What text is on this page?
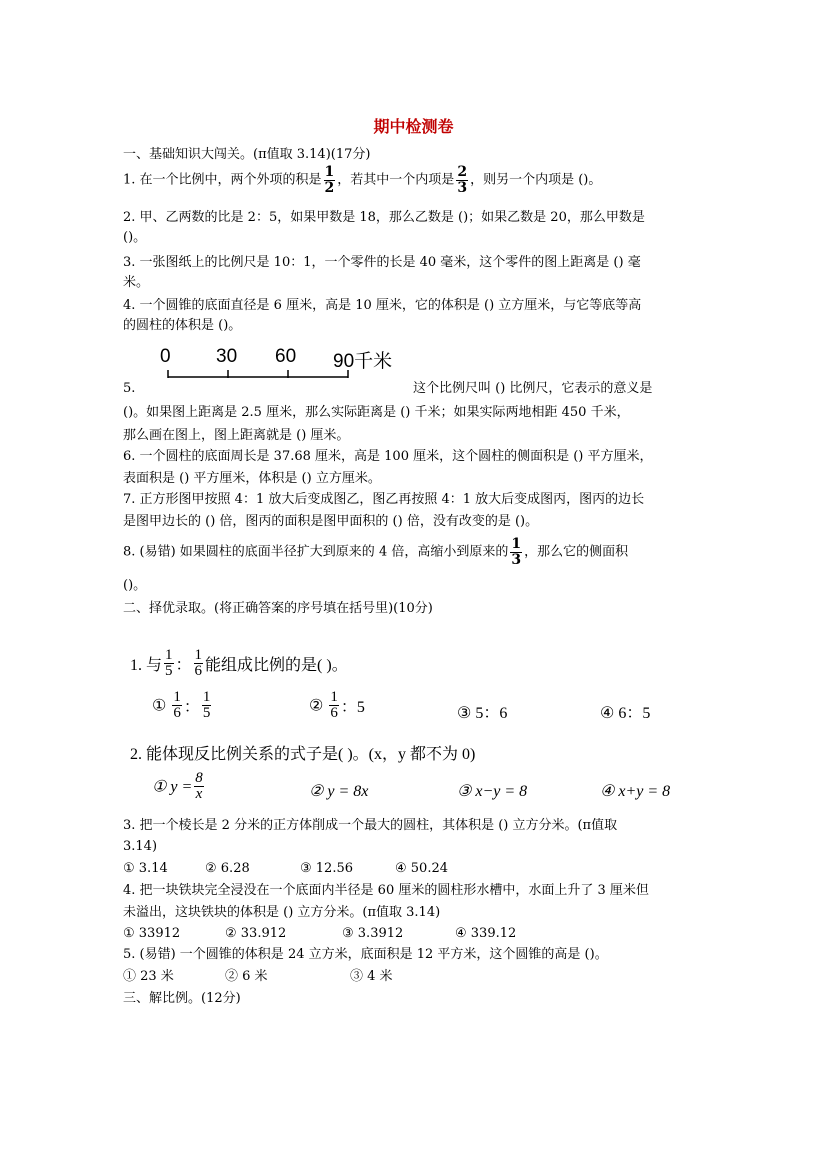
期中检测卷
一、基础知识大闯关。(π值取 3.14)(17分)
1. 在一个比例中，两个外项的积是 $\frac{1}{2}$ ，若其中一个内项是 $\frac{2}{3}$ ，则另一个内项是 ()。
2. 甲、乙两数的比是 2：5，如果甲数是 18，那么乙数是 ()；如果乙数是 20，那么甲数是
()。
3. 一张图纸上的比例尺是 10：1，一个零件的长是 40 毫米，这个零件的图上距离是 () 毫
米。
4. 一个圆锥的底面直径是 6 厘米，高是 10 厘米，它的体积是 () 立方厘米，与它等底等高
的圆柱的体积是 ()。
0 30 60 90千米
5.	这个比例尺叫 () 比例尺，它表示的意义是
()。如果图上距离是 2.5 厘米，那么实际距离是 () 千米；如果实际两地相距 450 千米，
那么画在图上，图上距离就是 () 厘米。
6. 一个圆柱的底面周长是 37.68 厘米，高是 100 厘米，这个圆柱的侧面积是 () 平方厘米，
表面积是 () 平方厘米，体积是 () 立方厘米。
7. 正方形图甲按照 4：1 放大后变成图乙，图乙再按照 4：1 放大后变成图丙，图丙的边长
是图甲边长的 () 倍，图丙的面积是图甲面积的 () 倍，没有改变的是 ()。
8. (易错) 如果圆柱的底面半径扩大到原来的 4 倍，高缩小到原来的 $\frac{1}{3}$ ，那么它的侧面积
()。
二、择优录取。(将正确答案的序号填在括号里)(10分)
1. 与 $\frac{1}{5}$ ： $\frac{1}{6}$ 能组成比例的是( )。
① $\frac{1}{6}$ ： $\frac{1}{5}$	② $\frac{1}{6}$ ：5	③ 5：6	④ 6：5
2. 能体现反比例关系的式子是( )。(x，y 都不为 0)
① $y = \frac{8}{x}$	② y = 8x	③ x−y = 8	④ x+y = 8
3. 把一个棱长是 2 分米的正方体削成一个最大的圆柱，其体积是 () 立方分米。(π值取
3.14)
① 3.14	② 6.28	③ 12.56	④ 50.24
4. 把一块铁块完全浸没在一个底面内半径是 60 厘米的圆柱形水槽中，水面上升了 3 厘米但
未溢出，这块铁块的体积是 () 立方分米。(π值取 3.14)
① 33912	② 33.912	③ 3.3912	④ 339.12
5. (易错) 一个圆锥的体积是 24 立方米，底面积是 12 平方米，这个圆锥的高是 ()。
① 23 米	② 6 米	③ 4 米
三、解比例。(12分)
